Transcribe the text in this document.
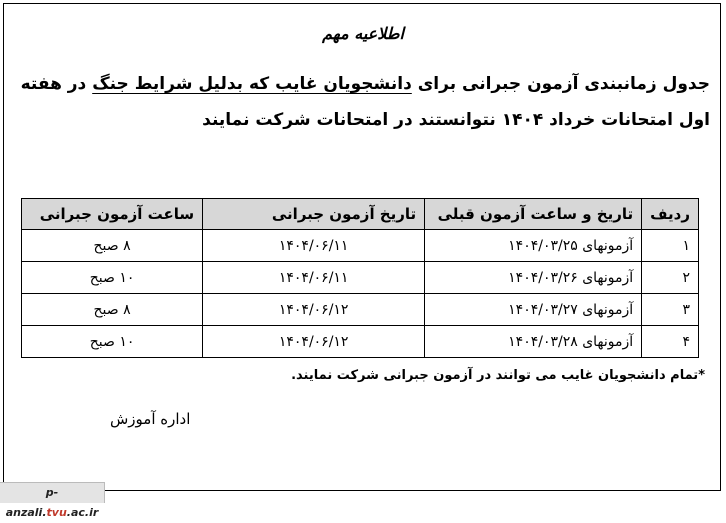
اطلاعیه مهم
جدول زمانبندی آزمون جبرانی برای دانشجویان غایب که بدلیل شرایط جنگ در هفته اول امتحانات خرداد ۱۴۰۴ نتوانستند در امتحانات شرکت نمایند
ردیف	تاریخ و ساعت آزمون قبلی	تاریخ آزمون جبرانی	ساعت آزمون جبرانی
۱	آزمونهای ۱۴۰۴/۰۳/۲۵	۱۴۰۴/۰۶/۱۱	۸ صبح
۲	آزمونهای ۱۴۰۴/۰۳/۲۶	۱۴۰۴/۰۶/۱۱	۱۰ صبح
۳	آزمونهای ۱۴۰۴/۰۳/۲۷	۱۴۰۴/۰۶/۱۲	۸ صبح
۴	آزمونهای ۱۴۰۴/۰۳/۲۸	۱۴۰۴/۰۶/۱۲	۱۰ صبح
*تمام دانشجویان غایب می توانند در آزمون جبرانی شرکت نمایند.
اداره آموزش
p-anzali.tvu.ac.ir
